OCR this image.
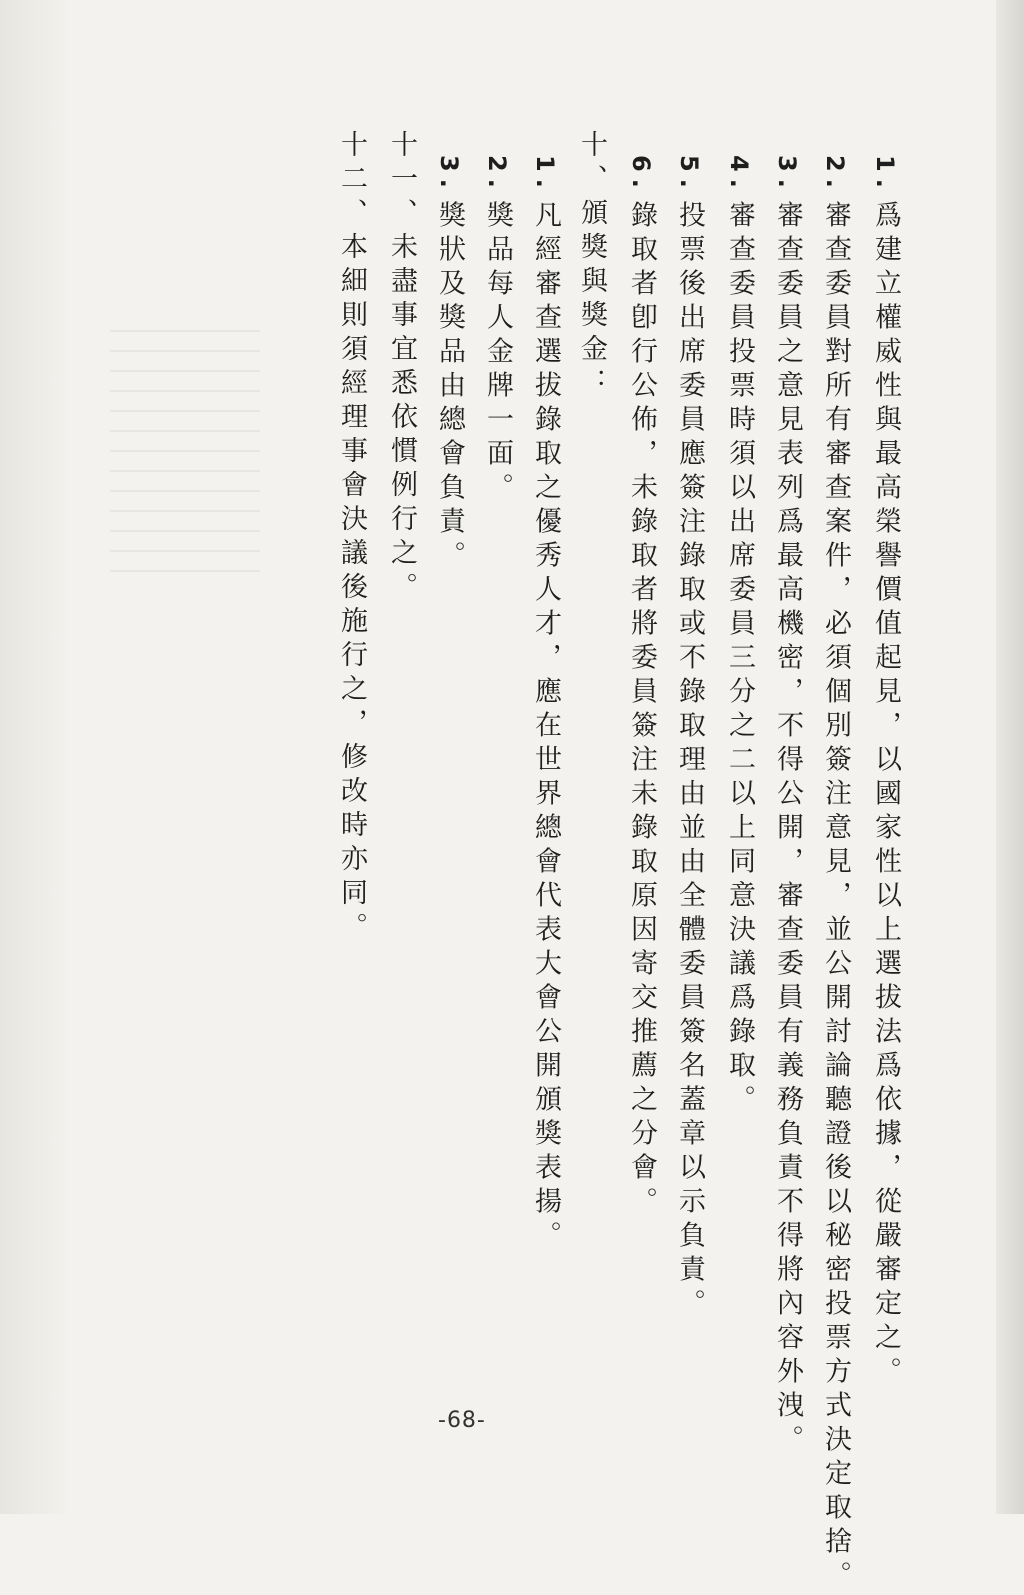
1.爲建立權威性與最高榮譽價值起見，以國家性以上選拔法爲依據，從嚴審定之。
2.審查委員對所有審查案件，必須個別簽注意見，並公開討論聽證後以秘密投票方式決定取捨。
3.審查委員之意見表列爲最高機密，不得公開，審查委員有義務負責不得將內容外洩。
4.審查委員投票時須以出席委員三分之二以上同意決議爲錄取。
5.投票後出席委員應簽注錄取或不錄取理由並由全體委員簽名蓋章以示負責。
6.錄取者卽行公佈，未錄取者將委員簽注未錄取原因寄交推薦之分會。
十、頒獎與獎金：
1.凡經審查選拔錄取之優秀人才，應在世界總會代表大會公開頒獎表揚。
2.獎品每人金牌一面。
3.獎狀及獎品由總會負責。
十一、未盡事宜悉依慣例行之。
十二、本細則須經理事會決議後施行之，修改時亦同。
-68-
